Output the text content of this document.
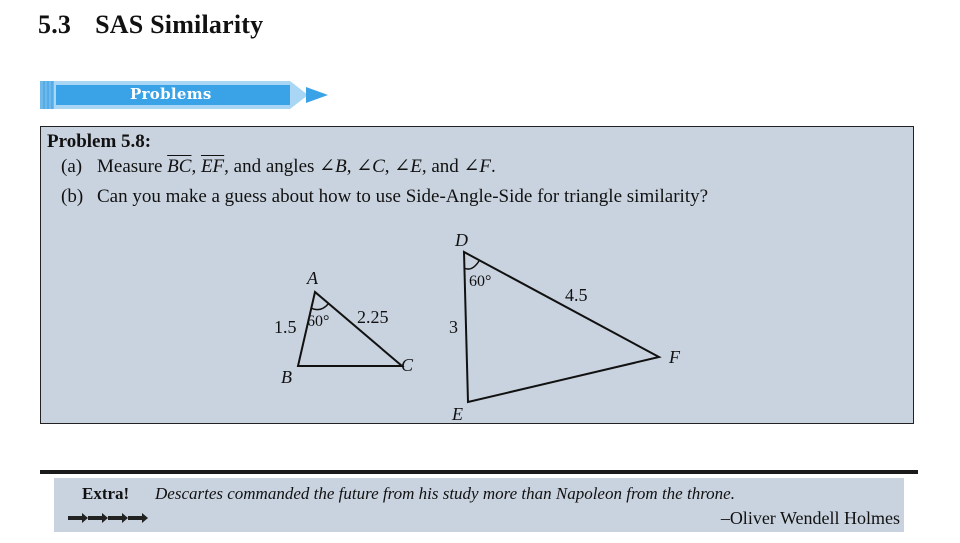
5.3 SAS Similarity
Problems
Problem 5.8:
(a) Measure $\overline{BC}$, $\overline{EF}$, and angles ∠B, ∠C, ∠E, and ∠F.
(b) Can you make a guess about how to use Side-Angle-Side for triangle similarity?
A
B
C
1.5	2.25
60°
D
E
F
3
4.5
60°
Extra! Descartes commanded the future from his study more than Napoleon from the throne.
–Oliver Wendell Holmes
